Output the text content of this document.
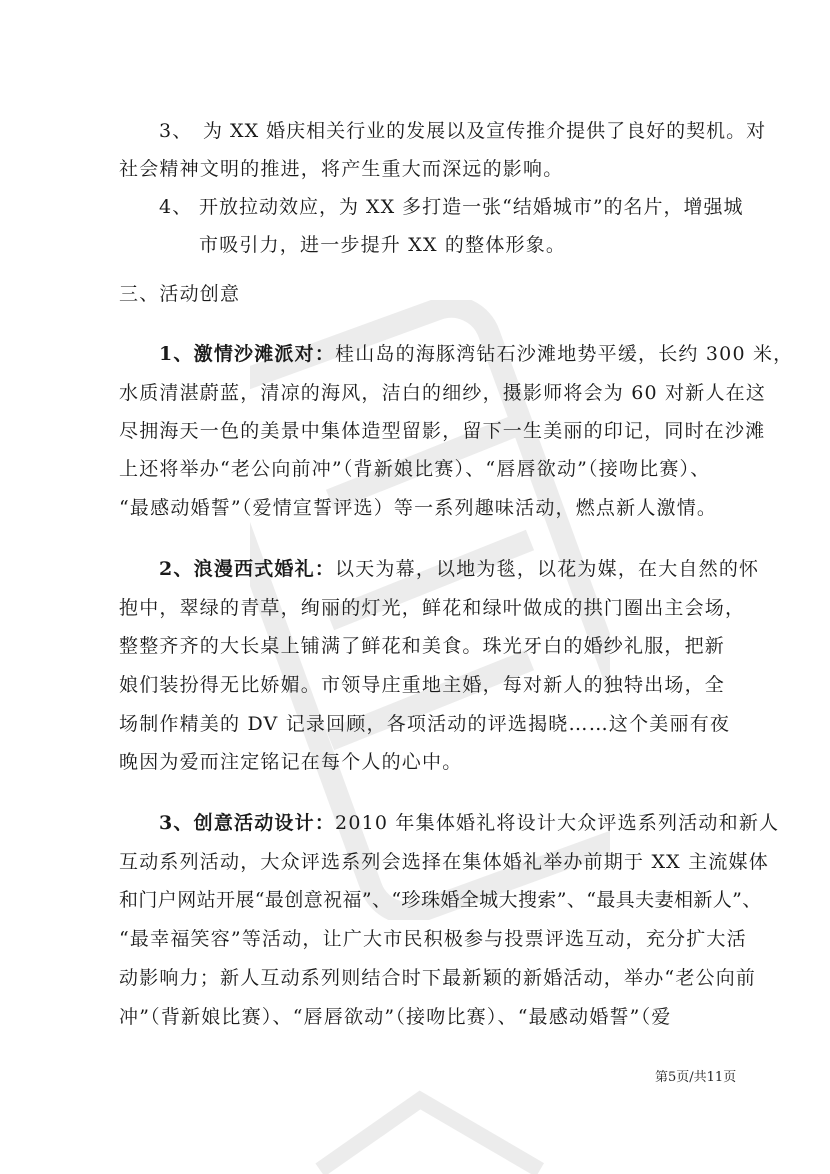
3、 为 XX 婚庆相关行业的发展以及宣传推介提供了良好的契机。对
社会精神文明的推进，将产生重大而深远的影响。
4、 开放拉动效应，为 XX 多打造一张“结婚城市”的名片，增强城
市吸引力，进一步提升 XX 的整体形象。
三、活动创意
1、激情沙滩派对：桂山岛的海豚湾钻石沙滩地势平缓，长约 300 米，
水质清湛蔚蓝，清凉的海风，洁白的细纱，摄影师将会为 60 对新人在这
尽拥海天一色的美景中集体造型留影，留下一生美丽的印记，同时在沙滩
上还将举办“老公向前冲”（背新娘比赛）、“唇唇欲动”（接吻比赛）、
“最感动婚誓”（爱情宣誓评选）等一系列趣味活动，燃点新人激情。
2、浪漫西式婚礼：以天为幕，以地为毯，以花为媒，在大自然的怀
抱中，翠绿的青草，绚丽的灯光，鲜花和绿叶做成的拱门圈出主会场，
整整齐齐的大长桌上铺满了鲜花和美食。珠光牙白的婚纱礼服，把新
娘们装扮得无比娇媚。市领导庄重地主婚，每对新人的独特出场，全
场制作精美的 DV 记录回顾，各项活动的评选揭晓……这个美丽有夜
晚因为爱而注定铭记在每个人的心中。
3、创意活动设计：2010 年集体婚礼将设计大众评选系列活动和新人
互动系列活动，大众评选系列会选择在集体婚礼举办前期于 XX 主流媒体
和门户网站开展“最创意祝福”、“珍珠婚全城大搜索”、“最具夫妻相新人”、
“最幸福笑容”等活动，让广大市民积极参与投票评选互动，充分扩大活
动影响力；新人互动系列则结合时下最新颖的新婚活动，举办“老公向前
冲”（背新娘比赛）、“唇唇欲动”（接吻比赛）、“最感动婚誓”（爱
第5页/共11页
